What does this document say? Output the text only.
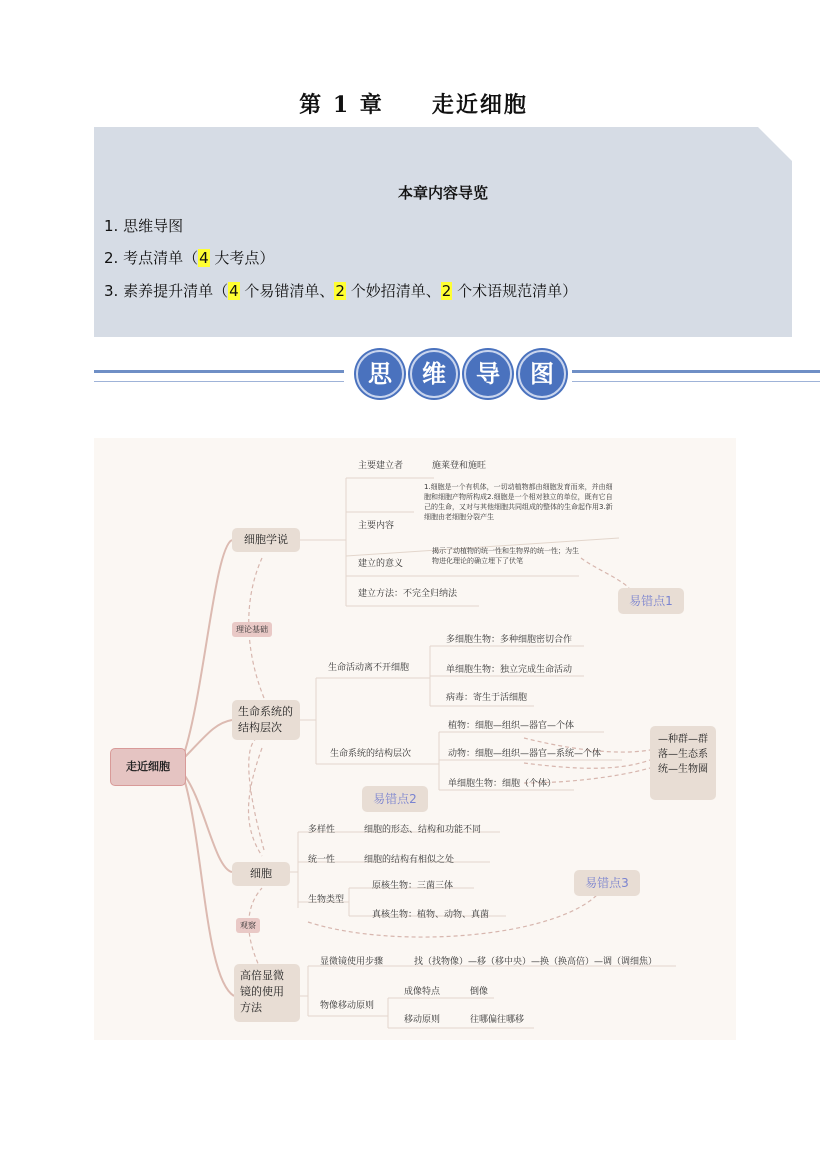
第 1 章 走近细胞
本章内容导览
1. 思维导图
2. 考点清单（4 大考点）
3. 素养提升清单（4 个易错清单、2 个妙招清单、2 个术语规范清单）
思	维	导	图
走近细胞
细胞学说
主要建立者	施莱登和施旺
1.细胞是一个有机体，一切动植物都由细胞发育而来，并由细胞和细胞产物所构成2.细胞是一个相对独立的单位，既有它自己的生命，又对与其他细胞共同组成的整体的生命起作用3.新细胞由老细胞分裂产生
主要内容
建立的意义
揭示了动植物的统一性和生物界的统一性；为生物进化理论的确立埋下了伏笔
建立方法：不完全归纳法	易错点1
理论基础
生命系统的结构层次
生命活动离不开细胞
多细胞生物：多种细胞密切合作
单细胞生物：独立完成生命活动
病毒：寄生于活细胞
生命系统的结构层次
植物：细胞—组织—器官—个体
动物：细胞—组织—器官—系统—个体
单细胞生物：细胞（个体）
—种群—群落—生态系统—生物圈
易错点2
细胞
多样性	细胞的形态、结构和功能不同
统一性	细胞的结构有相似之处
生物类型
原核生物：三菌三体
真核生物：植物、动物、真菌
易错点3
观察
高倍显微镜的使用方法
显微镜使用步骤	找（找物像）—移（移中央）—换（换高倍）—调（调细焦）
物像移动原则
成像特点	倒像
移动原则	往哪偏往哪移
